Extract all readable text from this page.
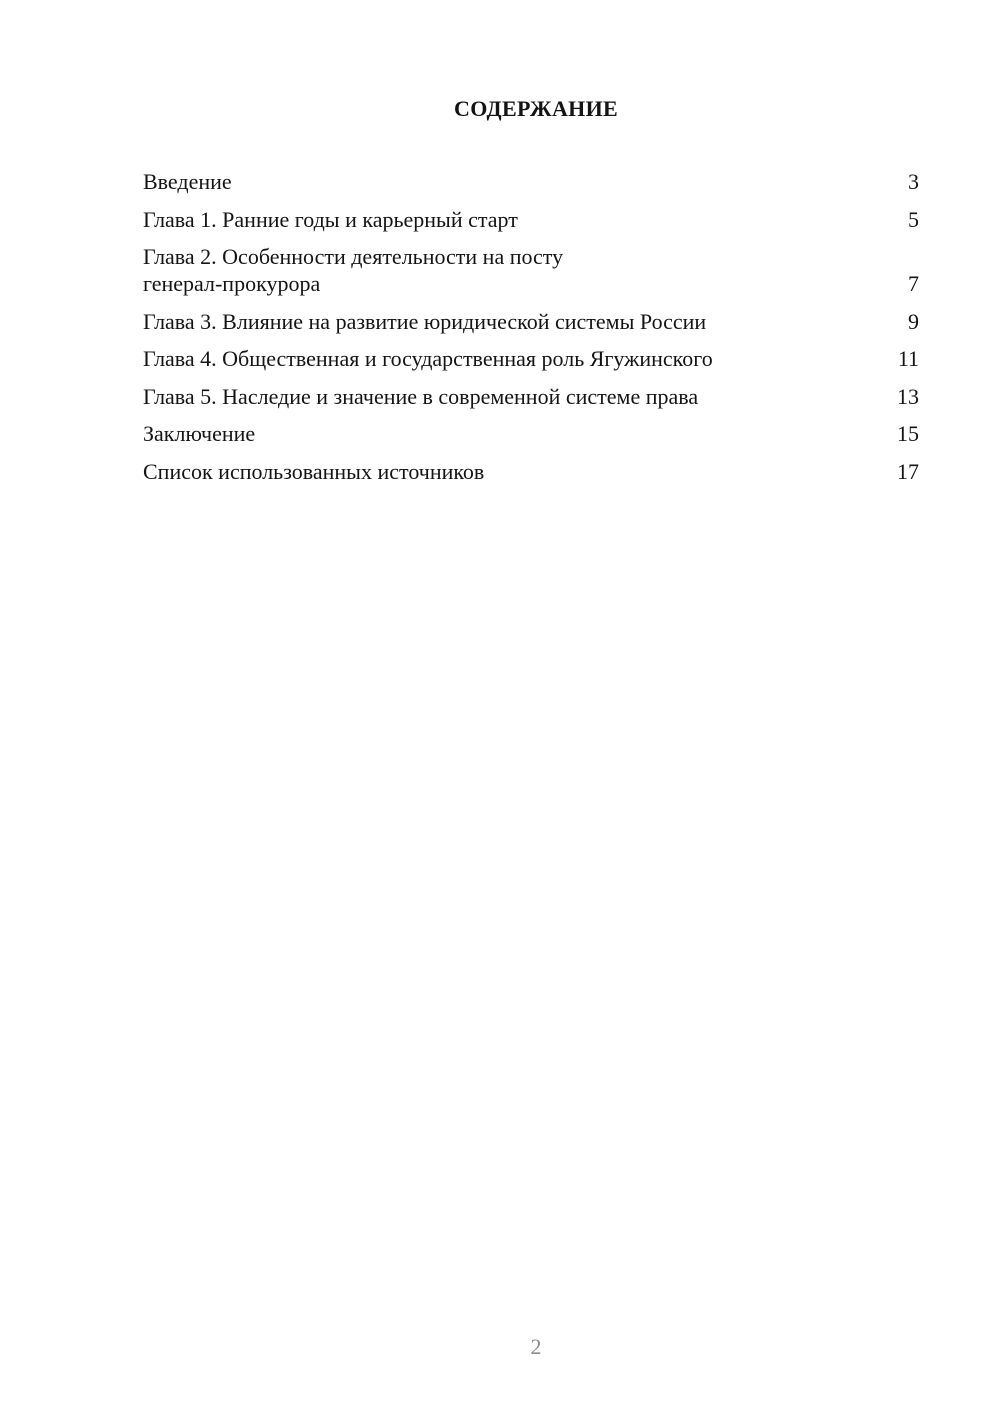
СОДЕРЖАНИЕ
Введение	3
Глава 1. Ранние годы и карьерный старт	5
Глава 2. Особенности деятельности на посту
генерал-прокурора	7
Глава 3. Влияние на развитие юридической системы России	9
Глава 4. Общественная и государственная роль Ягужинского	11
Глава 5. Наследие и значение в современной системе права	13
Заключение	15
Список использованных источников	17
2
